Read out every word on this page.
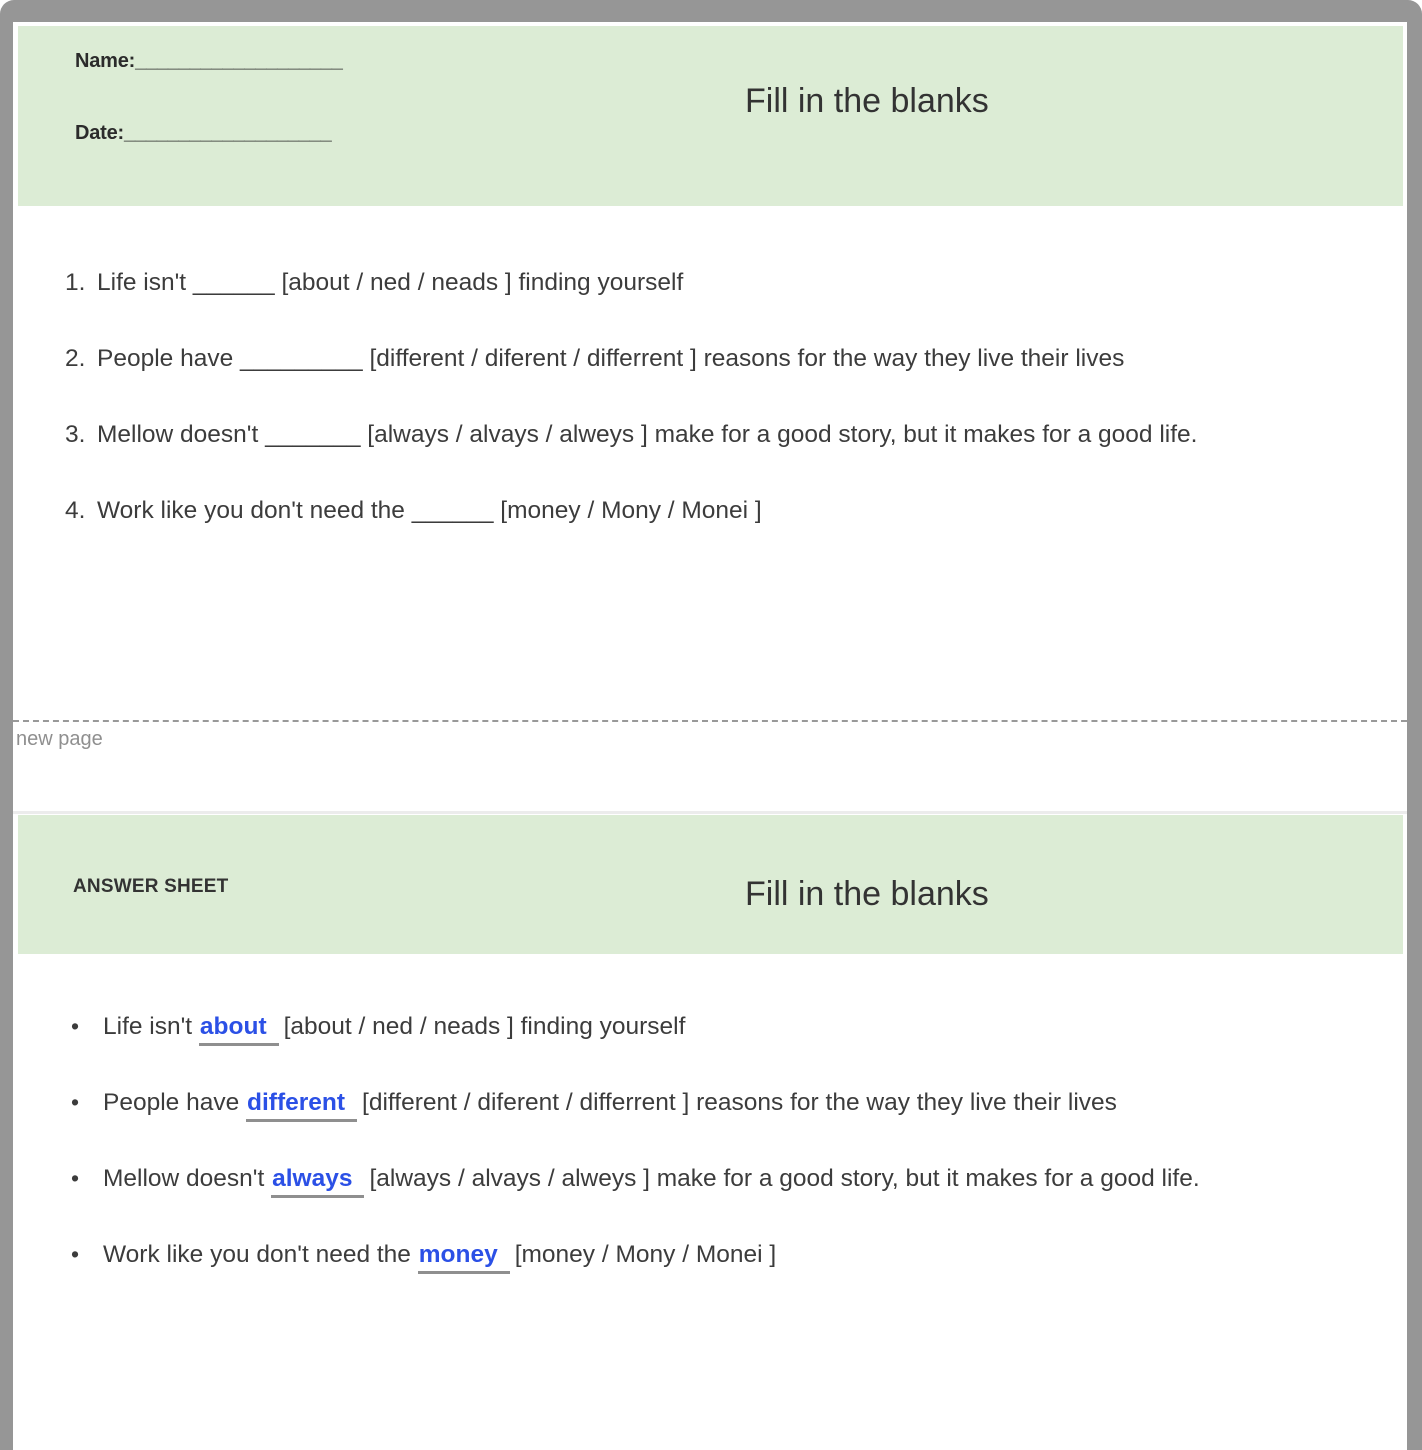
Name:___________________
Date:___________________
Fill in the blanks
1. Life isn't ______ [about / ned / neads ] finding yourself
2. People have _________ [different / diferent / differrent ] reasons for the way they live their lives
3. Mellow doesn't _______ [always / alvays / alweys ] make for a good story, but it makes for a good life.
4. Work like you don't need the ______ [money / Mony / Monei ]
new page
ANSWER SHEET	Fill in the blanks
• Life isn't about [about / ned / neads ] finding yourself
• People have different [different / diferent / differrent ] reasons for the way they live their lives
• Mellow doesn't always [always / alvays / alweys ] make for a good story, but it makes for a good life.
• Work like you don't need the money [money / Mony / Monei ]
